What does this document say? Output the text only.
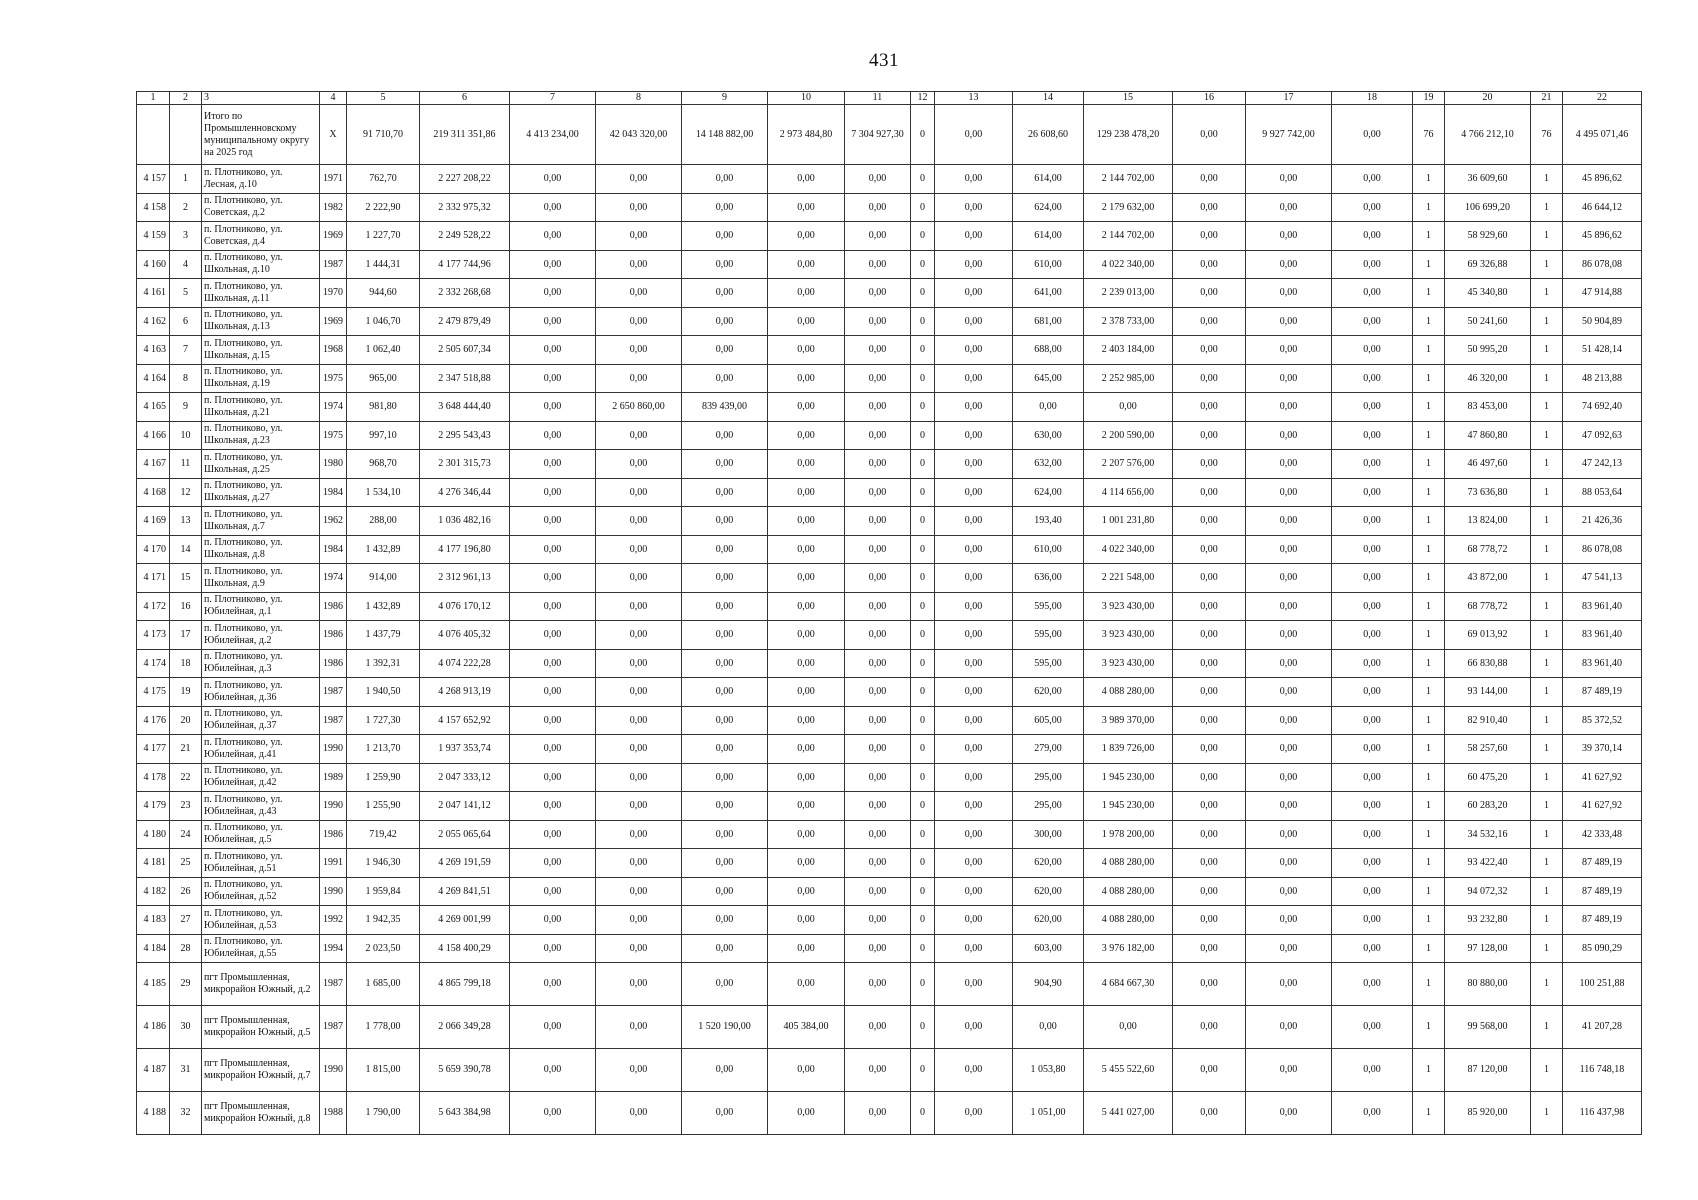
431
1	2	3	4	5	6	7	8	9	10	11	12	13	14	15	16	17	18	19	20	21	22
		Итого по Промышленновскому муниципальному округу на 2025 год	X	91 710,70	219 311 351,86	4 413 234,00	42 043 320,00	14 148 882,00	2 973 484,80	7 304 927,30	0	0,00	26 608,60	129 238 478,20	0,00	9 927 742,00	0,00	76	4 766 212,10	76	4 495 071,46
4 157	1	п. Плотниково, ул. Лесная, д.10	1971	762,70	2 227 208,22	0,00	0,00	0,00	0,00	0,00	0	0,00	614,00	2 144 702,00	0,00	0,00	0,00	1	36 609,60	1	45 896,62
4 158	2	п. Плотниково, ул. Советская, д.2	1982	2 222,90	2 332 975,32	0,00	0,00	0,00	0,00	0,00	0	0,00	624,00	2 179 632,00	0,00	0,00	0,00	1	106 699,20	1	46 644,12
4 159	3	п. Плотниково, ул. Советская, д.4	1969	1 227,70	2 249 528,22	0,00	0,00	0,00	0,00	0,00	0	0,00	614,00	2 144 702,00	0,00	0,00	0,00	1	58 929,60	1	45 896,62
4 160	4	п. Плотниково, ул. Школьная, д.10	1987	1 444,31	4 177 744,96	0,00	0,00	0,00	0,00	0,00	0	0,00	610,00	4 022 340,00	0,00	0,00	0,00	1	69 326,88	1	86 078,08
4 161	5	п. Плотниково, ул. Школьная, д.11	1970	944,60	2 332 268,68	0,00	0,00	0,00	0,00	0,00	0	0,00	641,00	2 239 013,00	0,00	0,00	0,00	1	45 340,80	1	47 914,88
4 162	6	п. Плотниково, ул. Школьная, д.13	1969	1 046,70	2 479 879,49	0,00	0,00	0,00	0,00	0,00	0	0,00	681,00	2 378 733,00	0,00	0,00	0,00	1	50 241,60	1	50 904,89
4 163	7	п. Плотниково, ул. Школьная, д.15	1968	1 062,40	2 505 607,34	0,00	0,00	0,00	0,00	0,00	0	0,00	688,00	2 403 184,00	0,00	0,00	0,00	1	50 995,20	1	51 428,14
4 164	8	п. Плотниково, ул. Школьная, д.19	1975	965,00	2 347 518,88	0,00	0,00	0,00	0,00	0,00	0	0,00	645,00	2 252 985,00	0,00	0,00	0,00	1	46 320,00	1	48 213,88
4 165	9	п. Плотниково, ул. Школьная, д.21	1974	981,80	3 648 444,40	0,00	2 650 860,00	839 439,00	0,00	0,00	0	0,00	0,00	0,00	0,00	0,00	0,00	1	83 453,00	1	74 692,40
4 166	10	п. Плотниково, ул. Школьная, д.23	1975	997,10	2 295 543,43	0,00	0,00	0,00	0,00	0,00	0	0,00	630,00	2 200 590,00	0,00	0,00	0,00	1	47 860,80	1	47 092,63
4 167	11	п. Плотниково, ул. Школьная, д.25	1980	968,70	2 301 315,73	0,00	0,00	0,00	0,00	0,00	0	0,00	632,00	2 207 576,00	0,00	0,00	0,00	1	46 497,60	1	47 242,13
4 168	12	п. Плотниково, ул. Школьная, д.27	1984	1 534,10	4 276 346,44	0,00	0,00	0,00	0,00	0,00	0	0,00	624,00	4 114 656,00	0,00	0,00	0,00	1	73 636,80	1	88 053,64
4 169	13	п. Плотниково, ул. Школьная, д.7	1962	288,00	1 036 482,16	0,00	0,00	0,00	0,00	0,00	0	0,00	193,40	1 001 231,80	0,00	0,00	0,00	1	13 824,00	1	21 426,36
4 170	14	п. Плотниково, ул. Школьная, д.8	1984	1 432,89	4 177 196,80	0,00	0,00	0,00	0,00	0,00	0	0,00	610,00	4 022 340,00	0,00	0,00	0,00	1	68 778,72	1	86 078,08
4 171	15	п. Плотниково, ул. Школьная, д.9	1974	914,00	2 312 961,13	0,00	0,00	0,00	0,00	0,00	0	0,00	636,00	2 221 548,00	0,00	0,00	0,00	1	43 872,00	1	47 541,13
4 172	16	п. Плотниково, ул. Юбилейная, д.1	1986	1 432,89	4 076 170,12	0,00	0,00	0,00	0,00	0,00	0	0,00	595,00	3 923 430,00	0,00	0,00	0,00	1	68 778,72	1	83 961,40
4 173	17	п. Плотниково, ул. Юбилейная, д.2	1986	1 437,79	4 076 405,32	0,00	0,00	0,00	0,00	0,00	0	0,00	595,00	3 923 430,00	0,00	0,00	0,00	1	69 013,92	1	83 961,40
4 174	18	п. Плотниково, ул. Юбилейная, д.3	1986	1 392,31	4 074 222,28	0,00	0,00	0,00	0,00	0,00	0	0,00	595,00	3 923 430,00	0,00	0,00	0,00	1	66 830,88	1	83 961,40
4 175	19	п. Плотниково, ул. Юбилейная, д.36	1987	1 940,50	4 268 913,19	0,00	0,00	0,00	0,00	0,00	0	0,00	620,00	4 088 280,00	0,00	0,00	0,00	1	93 144,00	1	87 489,19
4 176	20	п. Плотниково, ул. Юбилейная, д.37	1987	1 727,30	4 157 652,92	0,00	0,00	0,00	0,00	0,00	0	0,00	605,00	3 989 370,00	0,00	0,00	0,00	1	82 910,40	1	85 372,52
4 177	21	п. Плотниково, ул. Юбилейная, д.41	1990	1 213,70	1 937 353,74	0,00	0,00	0,00	0,00	0,00	0	0,00	279,00	1 839 726,00	0,00	0,00	0,00	1	58 257,60	1	39 370,14
4 178	22	п. Плотниково, ул. Юбилейная, д.42	1989	1 259,90	2 047 333,12	0,00	0,00	0,00	0,00	0,00	0	0,00	295,00	1 945 230,00	0,00	0,00	0,00	1	60 475,20	1	41 627,92
4 179	23	п. Плотниково, ул. Юбилейная, д.43	1990	1 255,90	2 047 141,12	0,00	0,00	0,00	0,00	0,00	0	0,00	295,00	1 945 230,00	0,00	0,00	0,00	1	60 283,20	1	41 627,92
4 180	24	п. Плотниково, ул. Юбилейная, д.5	1986	719,42	2 055 065,64	0,00	0,00	0,00	0,00	0,00	0	0,00	300,00	1 978 200,00	0,00	0,00	0,00	1	34 532,16	1	42 333,48
4 181	25	п. Плотниково, ул. Юбилейная, д.51	1991	1 946,30	4 269 191,59	0,00	0,00	0,00	0,00	0,00	0	0,00	620,00	4 088 280,00	0,00	0,00	0,00	1	93 422,40	1	87 489,19
4 182	26	п. Плотниково, ул. Юбилейная, д.52	1990	1 959,84	4 269 841,51	0,00	0,00	0,00	0,00	0,00	0	0,00	620,00	4 088 280,00	0,00	0,00	0,00	1	94 072,32	1	87 489,19
4 183	27	п. Плотниково, ул. Юбилейная, д.53	1992	1 942,35	4 269 001,99	0,00	0,00	0,00	0,00	0,00	0	0,00	620,00	4 088 280,00	0,00	0,00	0,00	1	93 232,80	1	87 489,19
4 184	28	п. Плотниково, ул. Юбилейная, д.55	1994	2 023,50	4 158 400,29	0,00	0,00	0,00	0,00	0,00	0	0,00	603,00	3 976 182,00	0,00	0,00	0,00	1	97 128,00	1	85 090,29
4 185	29	пгт Промышленная, микрорайон Южный, д.2	1987	1 685,00	4 865 799,18	0,00	0,00	0,00	0,00	0,00	0	0,00	904,90	4 684 667,30	0,00	0,00	0,00	1	80 880,00	1	100 251,88
4 186	30	пгт Промышленная, микрорайон Южный, д.5	1987	1 778,00	2 066 349,28	0,00	0,00	1 520 190,00	405 384,00	0,00	0	0,00	0,00	0,00	0,00	0,00	0,00	1	99 568,00	1	41 207,28
4 187	31	пгт Промышленная, микрорайон Южный, д.7	1990	1 815,00	5 659 390,78	0,00	0,00	0,00	0,00	0,00	0	0,00	1 053,80	5 455 522,60	0,00	0,00	0,00	1	87 120,00	1	116 748,18
4 188	32	пгт Промышленная, микрорайон Южный, д.8	1988	1 790,00	5 643 384,98	0,00	0,00	0,00	0,00	0,00	0	0,00	1 051,00	5 441 027,00	0,00	0,00	0,00	1	85 920,00	1	116 437,98
